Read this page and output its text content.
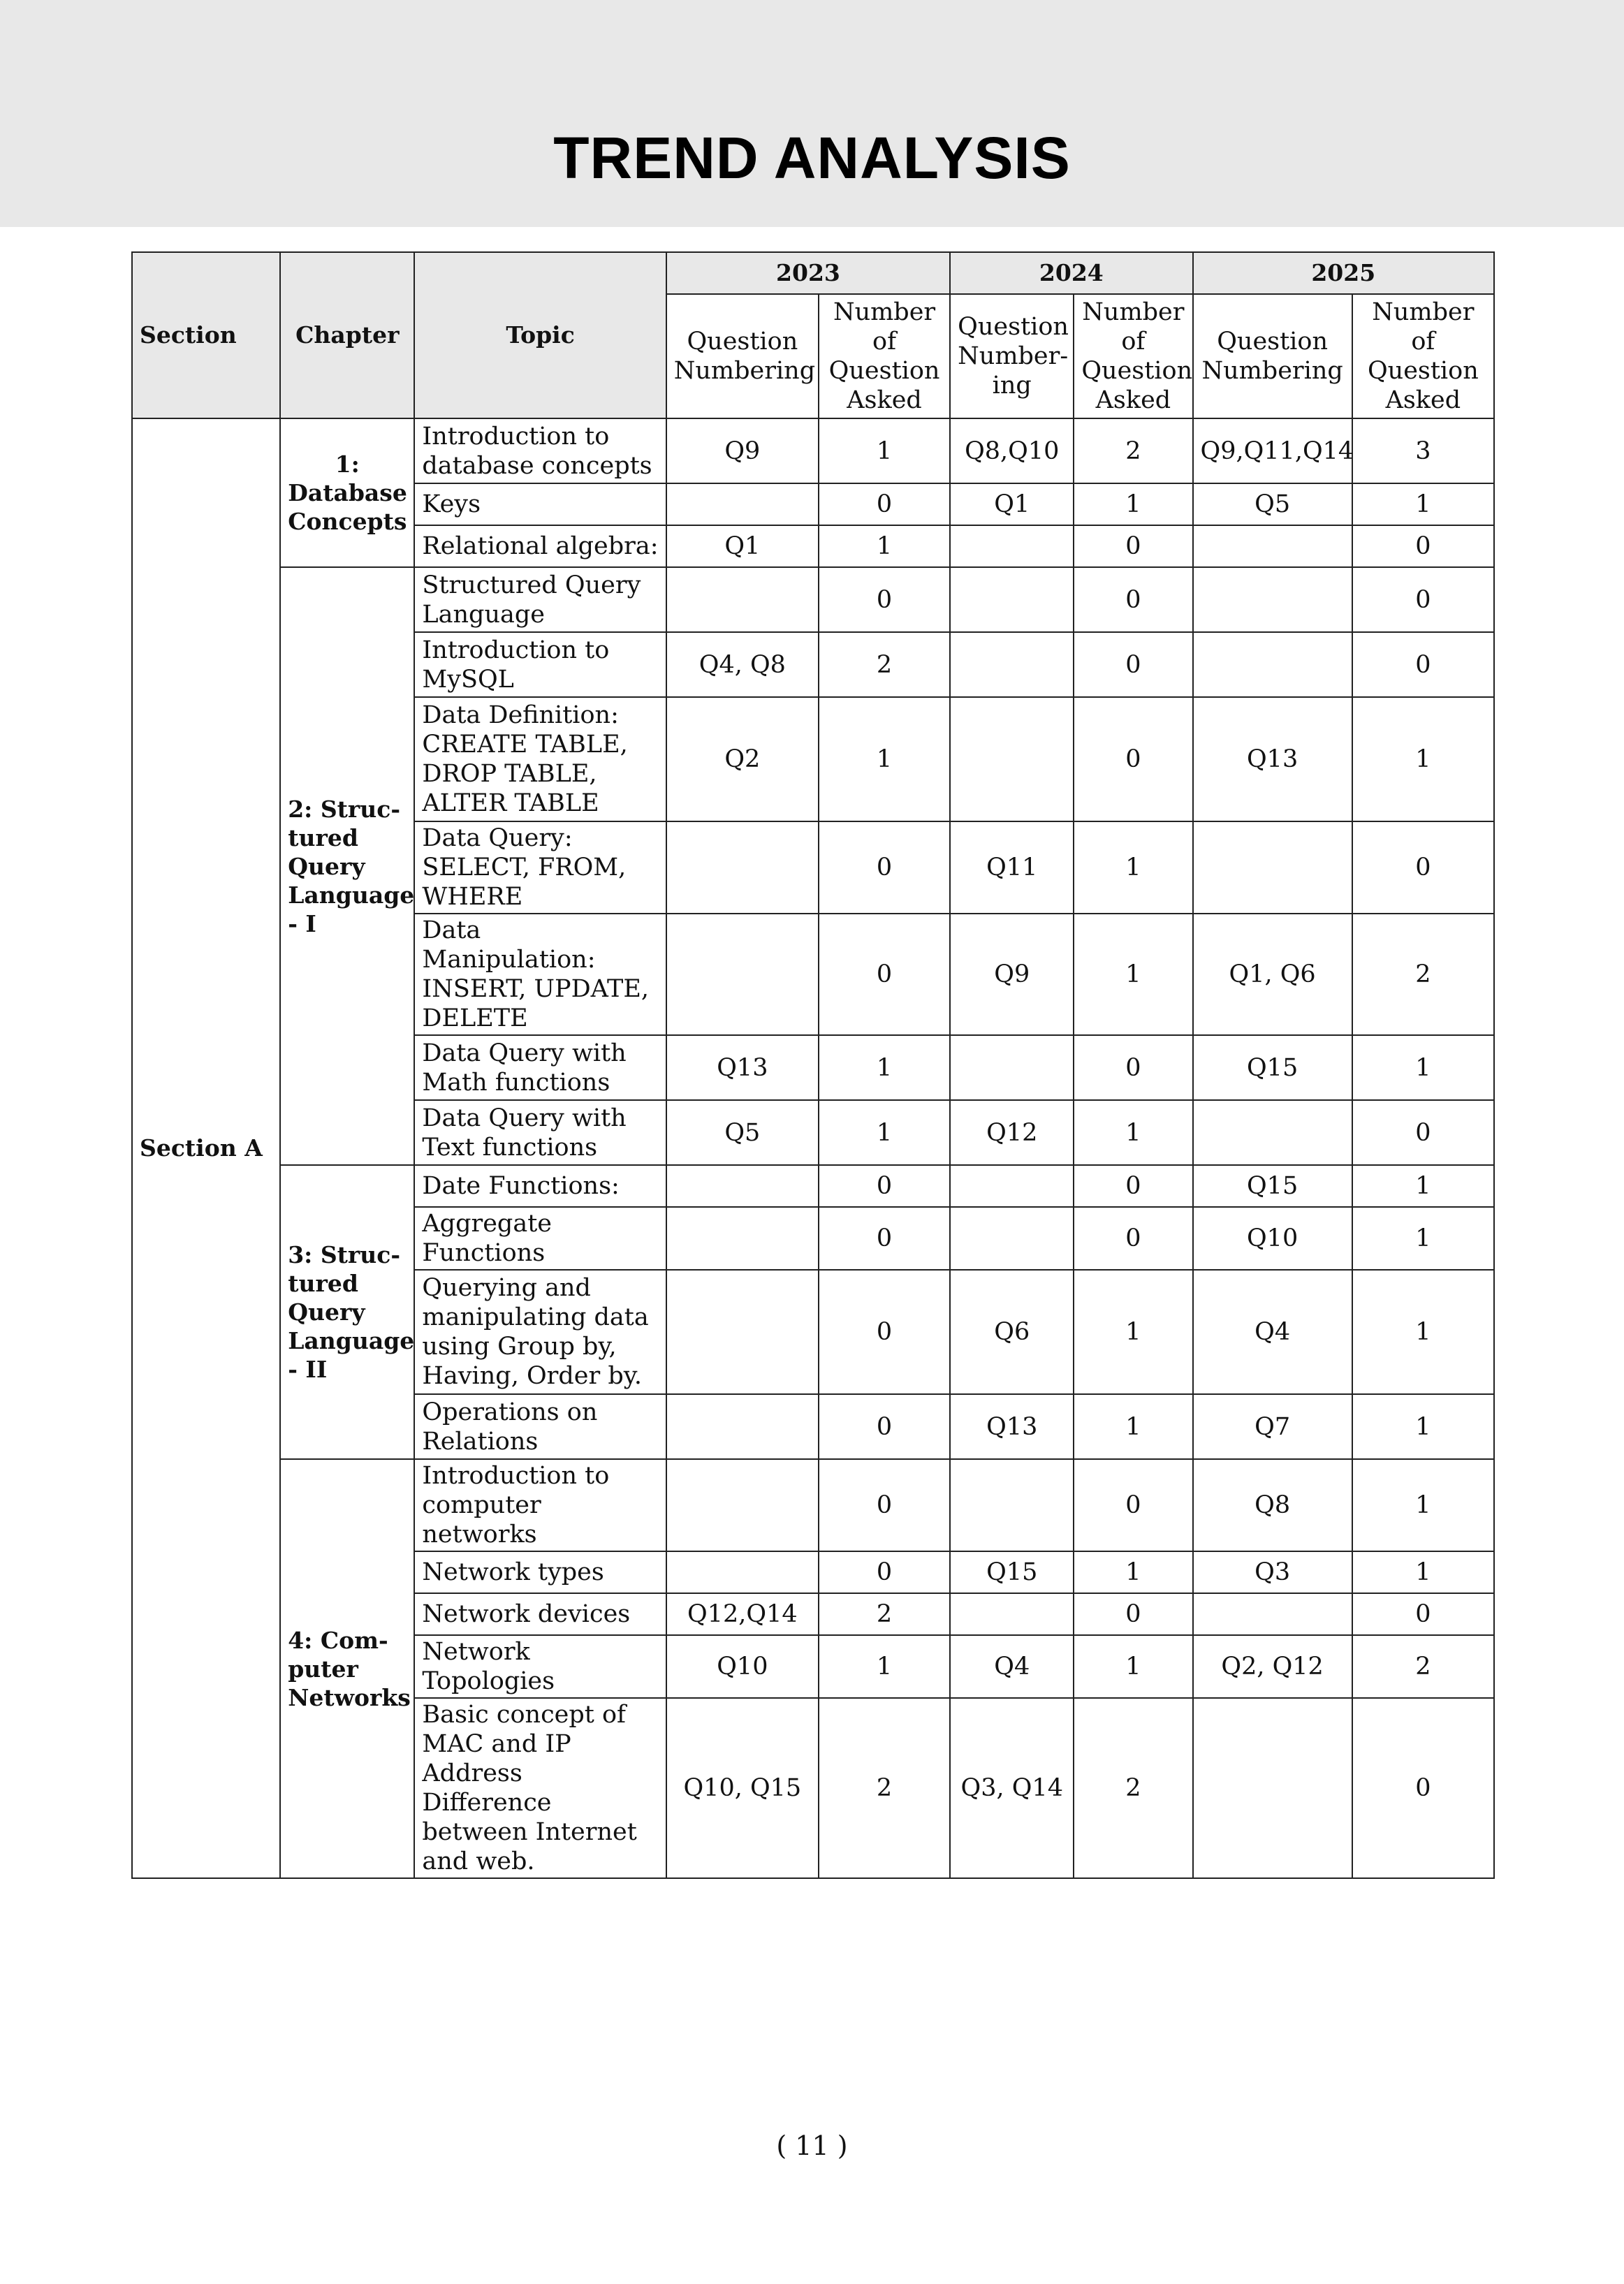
TREND ANALYSIS
Section	Chapter	Topic	2023		2024		2025	
			Question Numbering	Number of Question Asked	Question Number-ing	Number of Question Asked	Question Numbering	Number of Question Asked
Section A	1: Database Concepts	Introduction to database concepts	Q9	1	Q8,Q10	2	Q9,Q11,Q14	3
		Keys		0	Q1	1	Q5	1
		Relational algebra:	Q1	1		0		0
	2: Struc-tured Query Language - I	Structured Query Language		0		0		0
		Introduction to MySQL	Q4, Q8	2		0		0
		Data Definition: CREATE TABLE, DROP TABLE, ALTER TABLE	Q2	1		0	Q13	1
		Data Query: SELECT, FROM, WHERE		0	Q11	1		0
		Data Manipulation: INSERT, UPDATE, DELETE		0	Q9	1	Q1, Q6	2
		Data Query with Math functions	Q13	1		0	Q15	1
		Data Query with Text functions	Q5	1	Q12	1		0
	3: Struc-tured Query Language - II	Date Functions:		0		0	Q15	1
		Aggregate Functions		0		0	Q10	1
		Querying and manipulating data using Group by, Having, Order by.		0	Q6	1	Q4	1
		Operations on Relations		0	Q13	1	Q7	1
	4: Com-puter Networks	Introduction to computer networks		0		0	Q8	1
		Network types		0	Q15	1	Q3	1
		Network devices	Q12,Q14	2		0		0
		Network Topologies	Q10	1	Q4	1	Q2, Q12	2
		Basic concept of MAC and IP Address Difference between Internet and web.	Q10, Q15	2	Q3, Q14	2		0
( 11 )
